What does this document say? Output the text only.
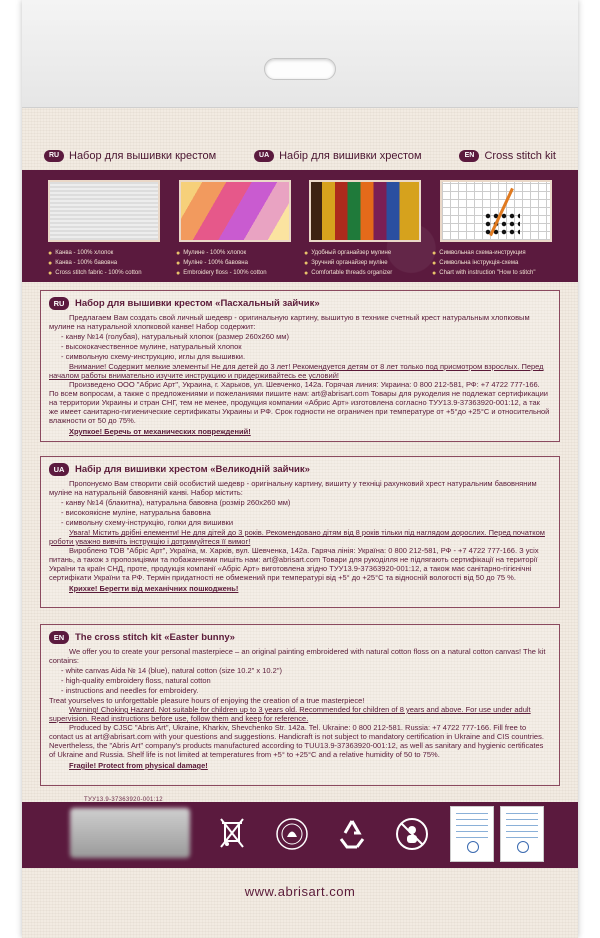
RU Набор для вышивки крестом	UA Набір для вишивки хрестом	EN Cross stitch kit
● Канва - 100% хлопок
● Канва - 100% бавовна
● Cross stitch fabric - 100% cotton
● Мулине - 100% хлопок
● Муліне - 100% бавовна
● Embroidery floss - 100% cotton
● Удобный органайзер мулине
● Зручний органайзер муліне
● Comfortable threads organizer
● Символьная схема-инструкция
● Символьна інструкція-схема
● Chart with instruction "How to stitch"
RU	Набор для вышивки крестом «Пасхальный зайчик»

Предлагаем Вам создать свой личный шедевр - оригинальную картину, вышитую в технике счетный крест натуральным хлопковым мулине на натуральной хлопковой канве! Набор содержит:

- канву №14 (голубая), натуральный хлопок (размер 260х260 мм)
- высококачественное мулине, натуральный хлопок
- символьную схему-инструкцию, иглы для вышивки.

Внимание! Содержит мелкие элементы! Не для детей до 3 лет! Рекомендуется детям от 8 лет только под присмотром взрослых. Перед началом работы внимательно изучите инструкцию и придерживайтесь ее условий!

Произведено ООО "Абрис Арт", Украина, г. Харьков, ул. Шевченко, 142а. Горячая линия: Украина: 0 800 212-581, РФ: +7 4722 777-166. По всем вопросам, а также с предложениями и пожеланиями пишите нам: art@abrisart.com Товары для рукоделия не подлежат сертификации на территории Украины и стран СНГ, тем не менее, продукция компании «Абрис Арт» изготовлена согласно ТУУ13.9-37363920-001:12, а так же имеет санитарно-гигиенические сертификаты Украины и РФ. Срок годности не ограничен при температуре от +5°до +25°С и относительной влажности от 50 до 75%.

Хрупкое! Беречь от механических повреждений!

UA	Набір для вишивки хрестом «Великодній зайчик»

Пропонуємо Вам створити свій особистий шедевр - оригінальну картину, вишиту у техніці рахунковий хрест натуральним бавовняним муліне на натуральній бавовняній канві. Набор містить:

- канву №14 (блакитна), натуральна бавовна (розмір 260х260 мм)
- високоякісне муліне, натуральна бавовна
- символьну схему-інструкцію, голки для вишивки

Увага! Містить дрібні елементи! Не для дітей до 3 років. Рекомендовано дітям від 8 років тільки під наглядом дорослих. Перед початком роботи уважно вивчіть інструкцію і дотримуйтеся її вимог!

Виробленo ТОВ "Абріс Арт", Україна, м. Харків, вул. Шевченка, 142а. Гаряча лінія: Україна: 0 800 212-581, РФ - +7 4722 777-166. З усіх питань, а також з пропозиціями та побажаннями пишіть нам: art@abrisart.com Товари для рукоділля не підлягають сертифікації на території України та країн СНД, проте, продукція компанії «Абріс Арт» виготовлена згідно ТУУ13.9-37363920-001:12, а також має санітарно-гігієнічні сертифікати України та РФ. Термін придатності не обмежений при температурі від +5° до +25°С та відносній вологості від 50 до 75 %.

Крихке! Берегти від механічних пошкоджень!

EN	The cross stitch kit «Easter bunny»

We offer you to create your personal masterpiece – an original painting embroidered with natural cotton floss on a natural cotton canvas! The kit contains:

- white canvas Aida № 14 (blue), natural cotton (size 10.2" x 10.2")
- high-quality embroidery floss, natural cotton
- instructions and needles for embroidery.

Treat yourselves to unforgettable pleasure hours of enjoying the creation of a true masterpiece!

Warning! Choking Hazard. Not suitable for children up to 3 years old. Recommended for children of 8 years and above. For use under adult supervision. Read instructions before use, follow them and keep for reference.

Produced by CJSC "Abris Art", Ukraine, Kharkiv, Shevchenko Str. 142a. Tel. Ukraine: 0 800 212-581. Russia: +7 4722 777-166. Fill free to contact us at art@abrisart.com with your questions and suggestions. Handicraft is not subject to mandatory certification in Ukraine and CIS countries. Nevertheless, the "Abris Art" company's products manufactured according to TUU13.9-37363920-001:12, as well as sanitary and hygienic certificates of Ukraine and Russia. Shelf life is not limited at temperatures from +5° to +25°C and a relative humidity of 50 to 75%.

Fragile! Protect from physical damage!

ТУУ13.9-37363920-001:12
www.abrisart.com
